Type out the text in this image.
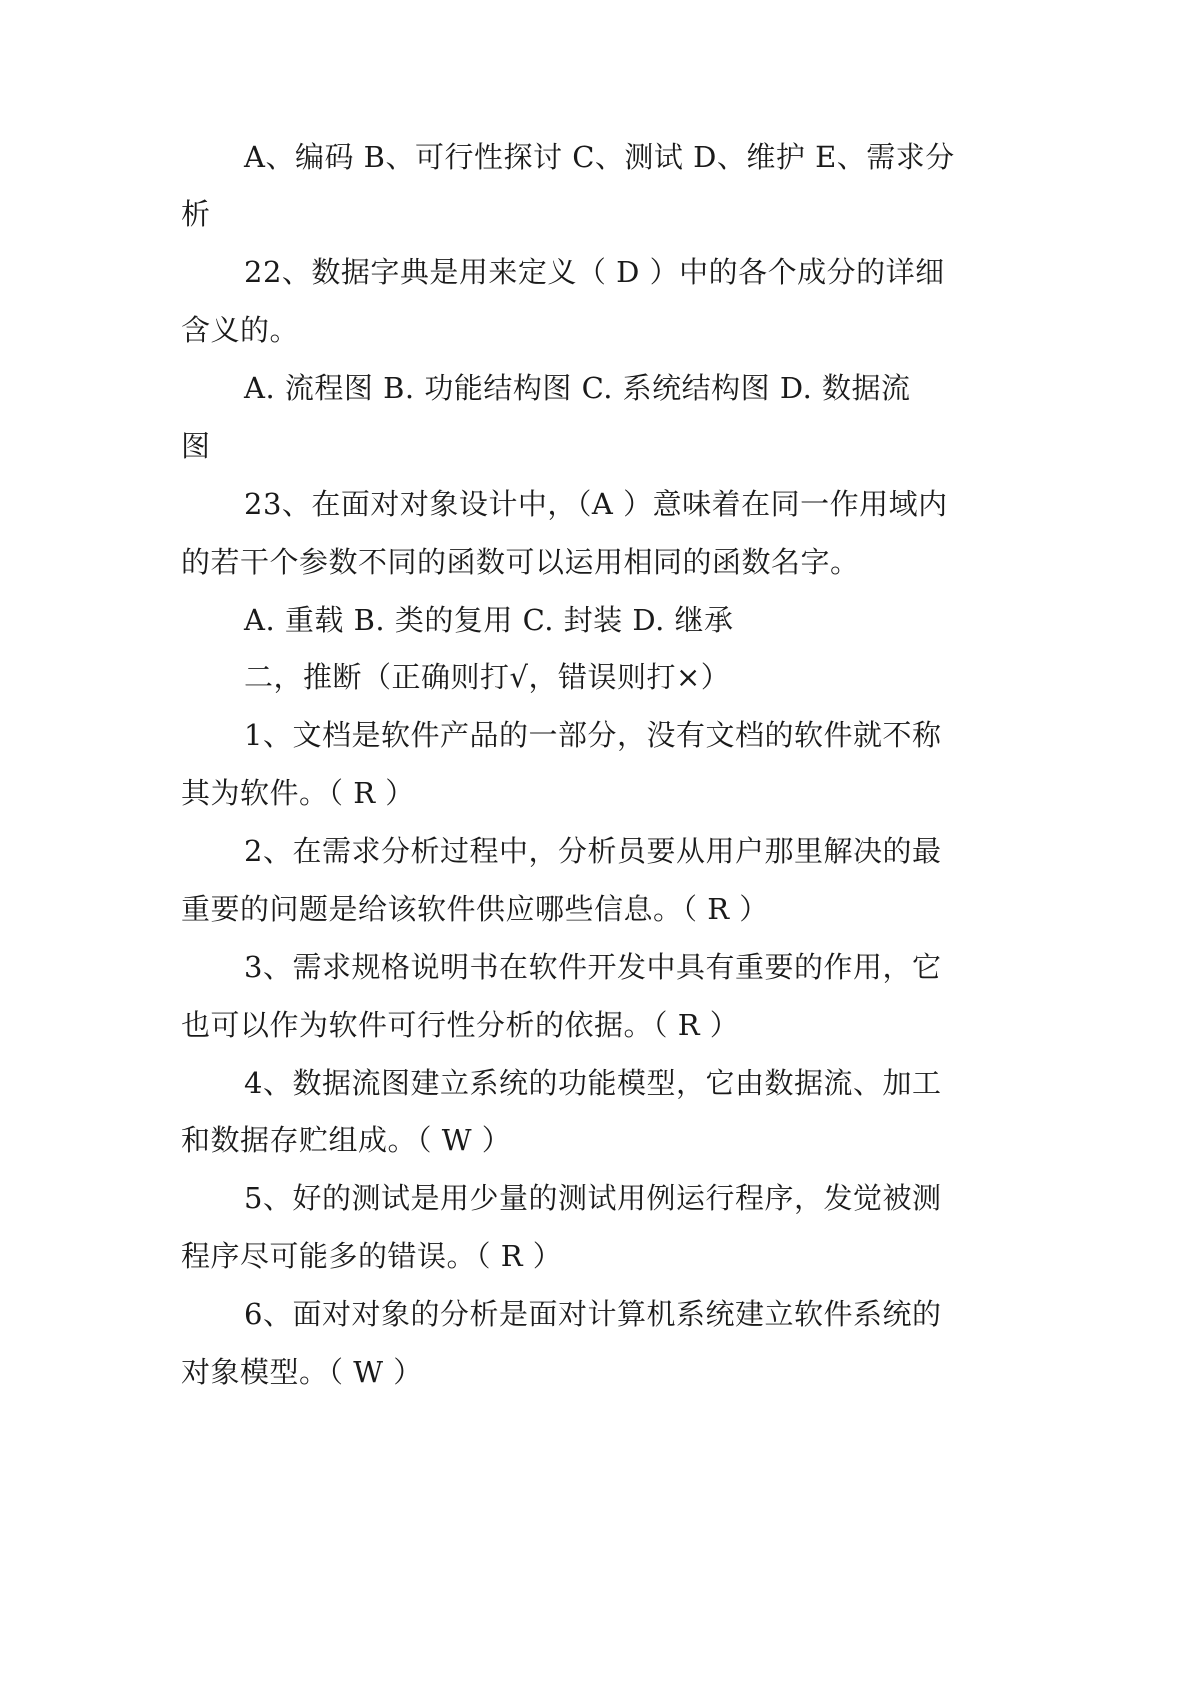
A、编码 B、可行性探讨 C、测试 D、维护 E、需求分

析

22、数据字典是用来定义（ D ）中的各个成分的详细

含义的。

A. 流程图 B. 功能结构图 C. 系统结构图 D. 数据流

图

23、在面对对象设计中，（A ）意味着在同一作用域内

的若干个参数不同的函数可以运用相同的函数名字。

A. 重载 B. 类的复用 C. 封装 D. 继承

二，推断（正确则打√，错误则打×）

1、文档是软件产品的一部分，没有文档的软件就不称

其为软件。（ R ）

2、在需求分析过程中，分析员要从用户那里解决的最

重要的问题是给该软件供应哪些信息。（ R ）

3、需求规格说明书在软件开发中具有重要的作用，它

也可以作为软件可行性分析的依据。（ R ）

4、数据流图建立系统的功能模型，它由数据流、加工

和数据存贮组成。（ W ）

5、好的测试是用少量的测试用例运行程序，发觉被测

程序尽可能多的错误。（ R ）

6、面对对象的分析是面对计算机系统建立软件系统的

对象模型。（ W ）
